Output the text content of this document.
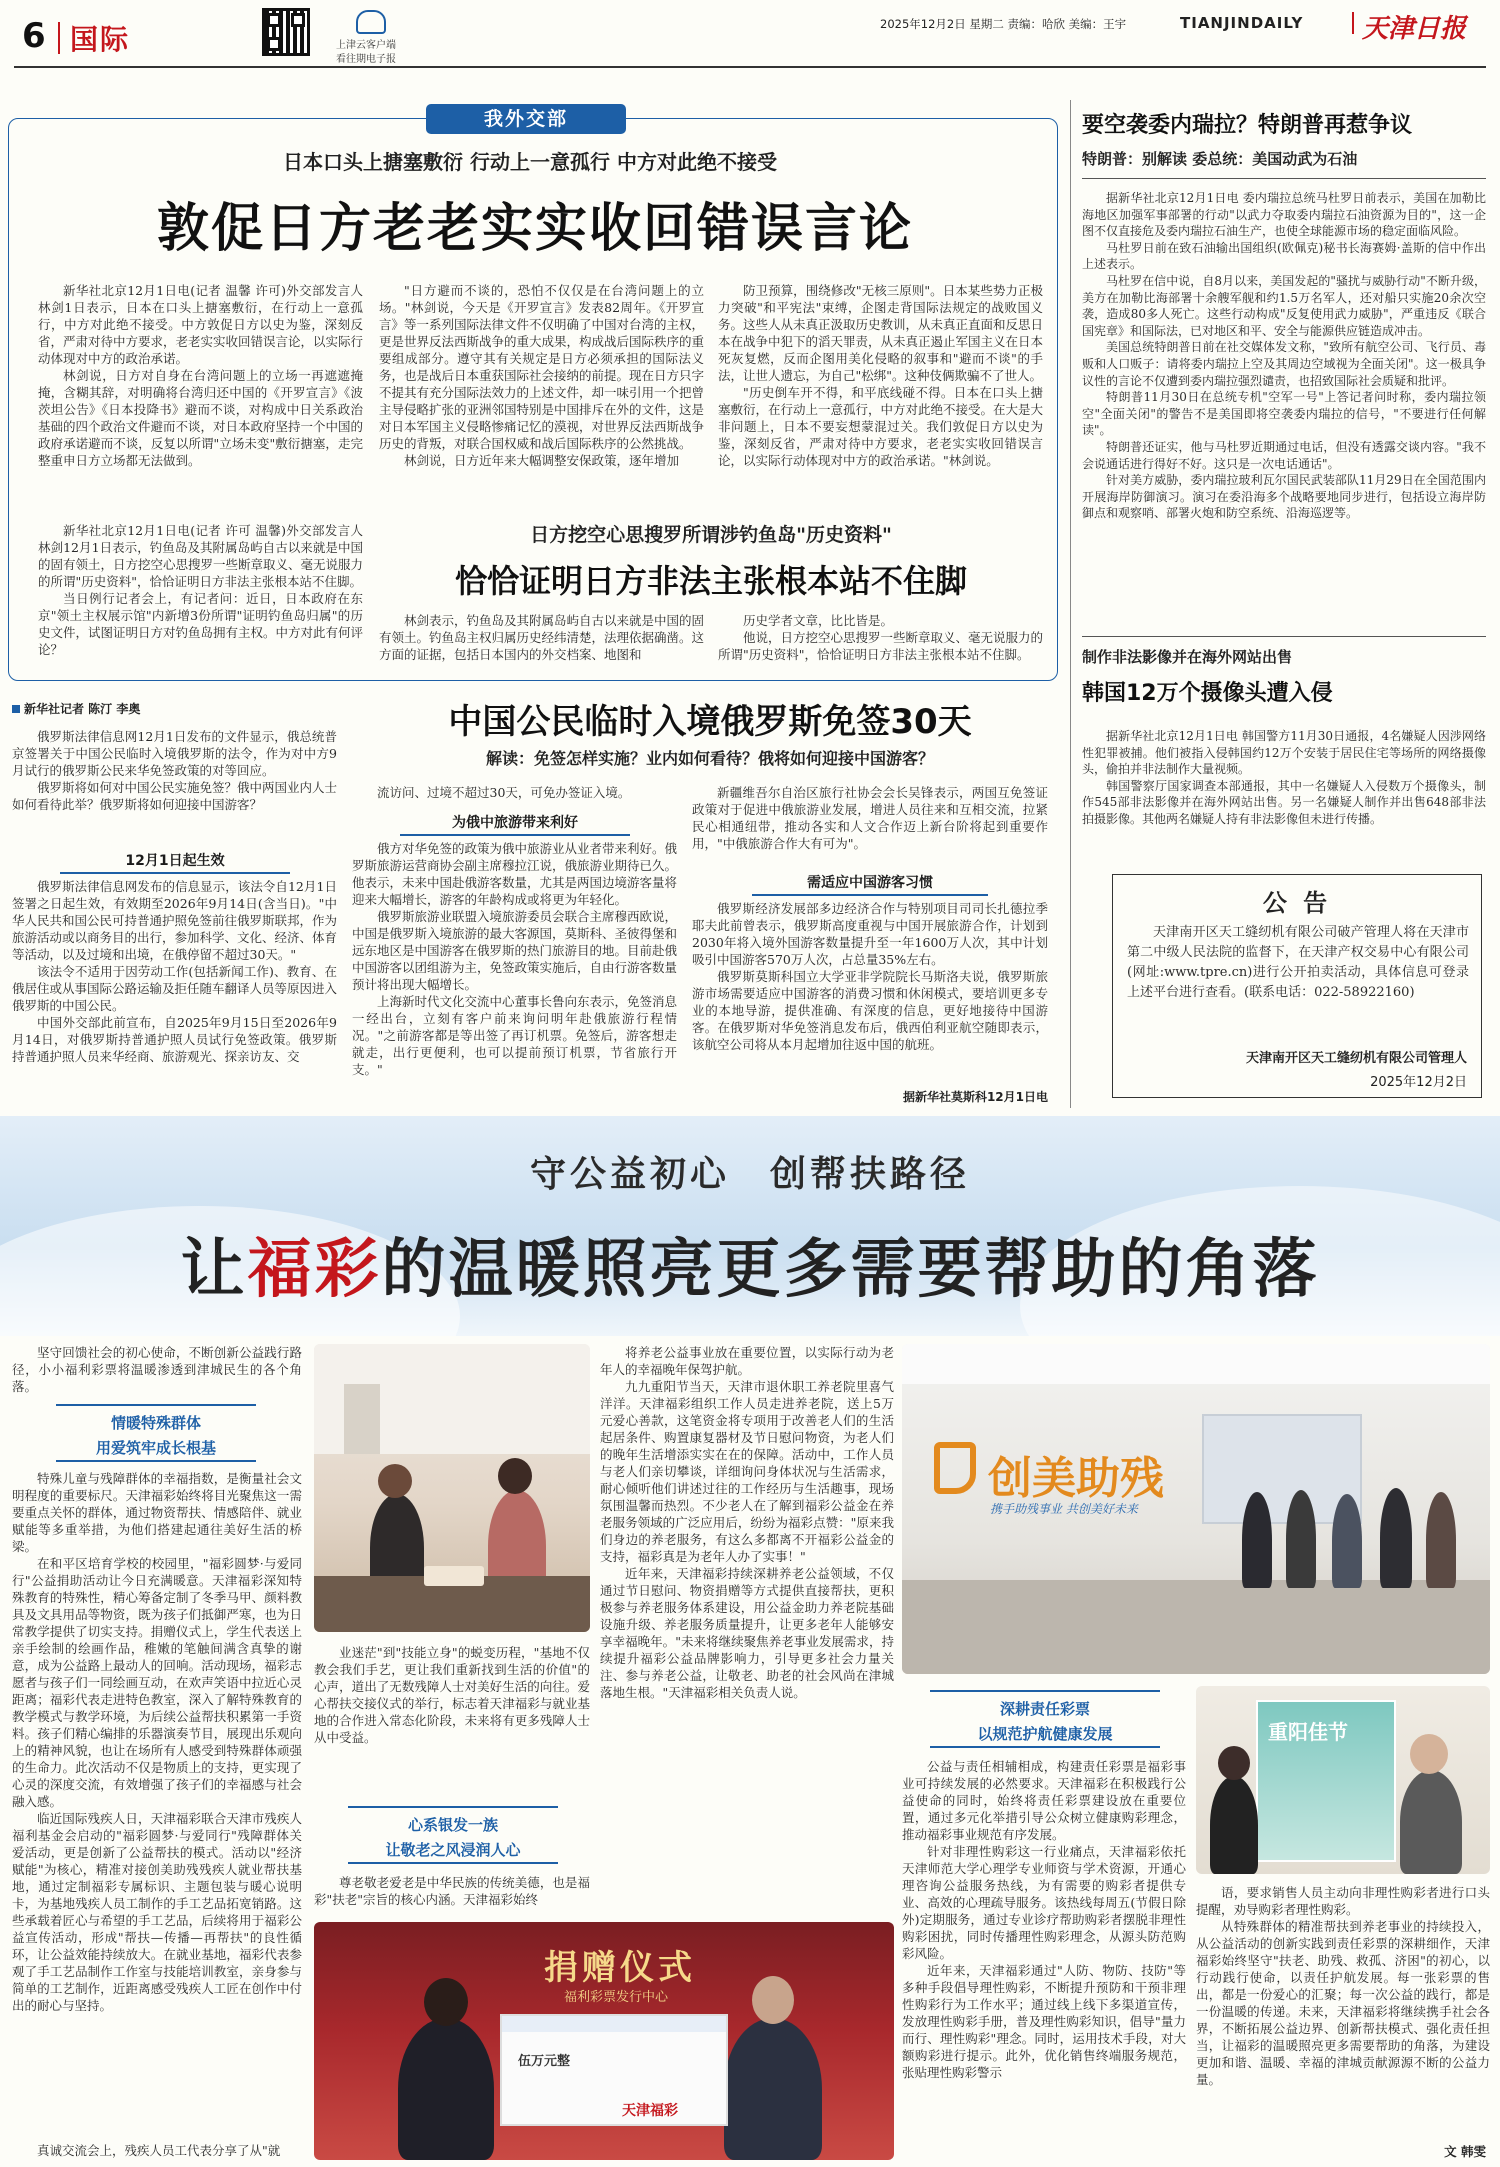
6 国际	上津云客户端
看往期电子报
2025年12月2日 星期二 责编：哈欣 美编：王宇	TIANJINDAILY 天津日报
我外交部
日本口头上搪塞敷衍 行动上一意孤行 中方对此绝不接受
敦促日方老老实实收回错误言论

新华社北京12月1日电(记者 温馨 许可)外交部发言人林剑1日表示，日本在口头上搪塞敷衍，在行动上一意孤行，中方对此绝不接受。中方敦促日方以史为鉴，深刻反省，严肃对待中方要求，老老实实收回错误言论，以实际行动体现对中方的政治承诺。

林剑说，日方对自身在台湾问题上的立场一再遮遮掩掩，含糊其辞，对明确将台湾归还中国的《开罗宣言》《波茨坦公告》《日本投降书》避而不谈，对构成中日关系政治基础的四个政治文件避而不谈，对日本政府坚持一个中国的政府承诺避而不谈，反复以所谓"立场未变"敷衍搪塞，走完整重申日方立场都无法做到。

"日方避而不谈的，恐怕不仅仅是在台湾问题上的立场。"林剑说，今天是《开罗宣言》发表82周年。《开罗宣言》等一系列国际法律文件不仅明确了中国对台湾的主权，更是世界反法西斯战争的重大成果，构成战后国际秩序的重要组成部分。遵守其有关规定是日方必须承担的国际法义务，也是战后日本重获国际社会接纳的前提。现在日方只字不提其有充分国际法效力的上述文件，却一味引用一个把曾主导侵略扩张的亚洲邻国特别是中国排斥在外的文件，这是对日本军国主义侵略惨痛记忆的漠视，对世界反法西斯战争历史的背叛，对联合国权威和战后国际秩序的公然挑战。

林剑说，日方近年来大幅调整安保政策，逐年增加

防卫预算，围绕修改"无核三原则"。日本某些势力正极力突破"和平宪法"束缚，企图走背国际法规定的战败国义务。这些人从未真正汲取历史教训，从未真正直面和反思日本在战争中犯下的滔天罪责，从未真正遏止军国主义在日本死灰复燃，反而企图用美化侵略的叙事和"避而不谈"的手法，让世人遗忘，为自己"松绑"。这种伎俩欺骗不了世人。

"历史倒车开不得，和平底线碰不得。日本在口头上搪塞敷衍，在行动上一意孤行，中方对此绝不接受。在大是大非问题上，日本不要妄想蒙混过关。我们敦促日方以史为鉴，深刻反省，严肃对待中方要求，老老实实收回错误言论，以实际行动体现对中方的政治承诺。"林剑说。

新华社北京12月1日电(记者 许可 温馨)外交部发言人林剑12月1日表示，钓鱼岛及其附属岛屿自古以来就是中国的固有领土，日方挖空心思搜罗一些断章取义、毫无说服力的所谓"历史资料"，恰恰证明日方非法主张根本站不住脚。

当日例行记者会上，有记者问：近日，日本政府在东京"领土主权展示馆"内新增3份所谓"证明钓鱼岛归属"的历史文件，试图证明日方对钓鱼岛拥有主权。中方对此有何评论？

日方挖空心思搜罗所谓涉钓鱼岛"历史资料"
恰恰证明日方非法主张根本站不住脚

林剑表示，钓鱼岛及其附属岛屿自古以来就是中国的固有领土。钓鱼岛主权归属历史经纬清楚，法理依据确凿。这方面的证据，包括日本国内的外交档案、地图和

历史学者文章，比比皆是。

他说，日方挖空心思搜罗一些断章取义、毫无说服力的所谓"历史资料"，恰恰证明日方非法主张根本站不住脚。

要空袭委内瑞拉？特朗普再惹争议
特朗普：别解读 委总统：美国动武为石油

据新华社北京12月1日电 委内瑞拉总统马杜罗日前表示，美国在加勒比海地区加强军事部署的行动"以武力夺取委内瑞拉石油资源为目的"，这一企图不仅直接危及委内瑞拉石油生产，也使全球能源市场的稳定面临风险。

马杜罗日前在致石油输出国组织(欧佩克)秘书长海赛姆·盖斯的信中作出上述表示。

马杜罗在信中说，自8月以来，美国发起的"骚扰与威胁行动"不断升级，美方在加勒比海部署十余艘军舰和约1.5万名军人，还对船只实施20余次空袭，造成80多人死亡。这些行动构成"反复使用武力威胁"，严重违反《联合国宪章》和国际法，已对地区和平、安全与能源供应链造成冲击。

美国总统特朗普日前在社交媒体发文称，"致所有航空公司、飞行员、毒贩和人口贩子：请将委内瑞拉上空及其周边空域视为全面关闭"。这一极具争议性的言论不仅遭到委内瑞拉强烈谴责，也招致国际社会质疑和批评。

特朗普11月30日在总统专机"空军一号"上答记者问时称，委内瑞拉领空"全面关闭"的警告不是美国即将空袭委内瑞拉的信号，"不要进行任何解读"。

特朗普还证实，他与马杜罗近期通过电话，但没有透露交谈内容。"我不会说通话进行得好不好。这只是一次电话通话"。

针对美方威胁，委内瑞拉玻利瓦尔国民武装部队11月29日在全国范围内开展海岸防御演习。演习在委沿海多个战略要地同步进行，包括设立海岸防御点和观察哨、部署火炮和防空系统、沿海巡逻等。

制作非法影像并在海外网站出售
韩国12万个摄像头遭入侵

据新华社北京12月1日电 韩国警方11月30日通报，4名嫌疑人因涉网络性犯罪被捕。他们被指入侵韩国约12万个安装于居民住宅等场所的网络摄像头，偷拍并非法制作大量视频。

韩国警察厅国家调查本部通报，其中一名嫌疑人入侵数万个摄像头，制作545部非法影像并在海外网站出售。另一名嫌疑人制作并出售648部非法拍摄影像。其他两名嫌疑人持有非法影像但未进行传播。

公 告

天津南开区天工缝纫机有限公司破产管理人将在天津市第二中级人民法院的监督下，在天津产权交易中心有限公司(网址:www.tpre.cn)进行公开拍卖活动，具体信息可登录上述平台进行查看。(联系电话：022-58922160)

天津南开区天工缝纫机有限公司管理人
2025年12月2日
新华社记者 陈汀 李奥	中国公民临时入境俄罗斯免签30天
解读：免签怎样实施？业内如何看待？俄将如何迎接中国游客？

俄罗斯法律信息网12月1日发布的文件显示，俄总统普京签署关于中国公民临时入境俄罗斯的法令，作为对中方9月试行的俄罗斯公民来华免签政策的对等回应。

俄罗斯将如何对中国公民实施免签？俄中两国业内人士如何看待此举？俄罗斯将如何迎接中国游客？

12月1日起生效

俄罗斯法律信息网发布的信息显示，该法令自12月1日签署之日起生效，有效期至2026年9月14日(含当日)。"中华人民共和国公民可持普通护照免签前往俄罗斯联邦，作为旅游活动或以商务目的出行，参加科学、文化、经济、体育等活动，以及过境和出境，在俄停留不超过30天。"

该法令不适用于因劳动工作(包括新闻工作)、教育、在俄居住或从事国际公路运输及拒任随车翻译人员等原因进入俄罗斯的中国公民。

中国外交部此前宣布，自2025年9月15日至2026年9月14日，对俄罗斯持普通护照人员试行免签政策。俄罗斯持普通护照人员来华经商、旅游观光、探亲访友、交

流访问、过境不超过30天，可免办签证入境。

为俄中旅游带来利好

俄方对华免签的政策为俄中旅游业从业者带来利好。俄罗斯旅游运营商协会副主席穆拉江说，俄旅游业期待已久。他表示，未来中国赴俄游客数量，尤其是两国边境游客量将迎来大幅增长，游客的年龄构成或将更为年轻化。

俄罗斯旅游业联盟入境旅游委员会联合主席穆西欧说，中国是俄罗斯入境旅游的最大客源国，莫斯科、圣彼得堡和远东地区是中国游客在俄罗斯的热门旅游目的地。目前赴俄中国游客以团组游为主，免签政策实施后，自由行游客数量预计将出现大幅增长。

上海新时代文化交流中心董事长鲁向东表示，免签消息一经出台，立刻有客户前来询问明年赴俄旅游行程情况。"之前游客都是等出签了再订机票。免签后，游客想走就走，出行更便利，也可以提前预订机票，节省旅行开支。"

新疆维吾尔自治区旅行社协会会长吴锋表示，两国互免签证政策对于促进中俄旅游业发展，增进人员往来和互相交流，拉紧民心相通纽带，推动各实和人文合作迈上新台阶将起到重要作用，"中俄旅游合作大有可为"。

需适应中国游客习惯

俄罗斯经济发展部多边经济合作与特别项目司司长扎德拉季耶夫此前曾表示，俄罗斯高度重视与中国开展旅游合作，计划到2030年将入境外国游客数量提升至一年1600万人次，其中计划吸引中国游客570万人次，占总量35%左右。

俄罗斯莫斯科国立大学亚非学院院长马斯洛夫说，俄罗斯旅游市场需要适应中国游客的消费习惯和休闲模式，要培训更多专业的本地导游，提供准确、有深度的信息，更好地接待中国游客。在俄罗斯对华免签消息发布后，俄西伯利亚航空随即表示，该航空公司将从本月起增加往返中国的航班。

据新华社莫斯科12月1日电
守公益初心　创帮扶路径
让福彩的温暖照亮更多需要帮助的角落

坚守回馈社会的初心使命，不断创新公益践行路径，小小福利彩票将温暖渗透到津城民生的各个角落。

情暖特殊群体
用爱筑牢成长根基

特殊儿童与残障群体的幸福指数，是衡量社会文明程度的重要标尺。天津福彩始终将目光聚焦这一需要重点关怀的群体，通过物资帮扶、情感陪伴、就业赋能等多重举措，为他们搭建起通往美好生活的桥梁。

在和平区培育学校的校园里，"福彩圆梦·与爱同行"公益捐助活动让今日充满暖意。天津福彩深知特殊教育的特殊性，精心筹备定制了冬季马甲、颜料教具及文具用品等物资，既为孩子们抵御严寒，也为日常教学提供了切实支持。捐赠仪式上，学生代表送上亲手绘制的绘画作品，稚嫩的笔触间满含真挚的谢意，成为公益路上最动人的回响。活动现场，福彩志愿者与孩子们一同绘画互动，在欢声笑语中拉近心灵距离；福彩代表走进特色教室，深入了解特殊教育的教学模式与教学环境，为后续公益帮扶积累第一手资料。孩子们精心编排的乐器演奏节目，展现出乐观向上的精神风貌，也让在场所有人感受到特殊群体顽强的生命力。此次活动不仅是物质上的支持，更实现了心灵的深度交流，有效增强了孩子们的幸福感与社会融入感。

临近国际残疾人日，天津福彩联合天津市残疾人福利基金会启动的"福彩圆梦·与爱同行"残障群体关爱活动，更是创新了公益帮扶的模式。活动以"经济赋能"为核心，精准对接创美助残残疾人就业帮扶基地，通过定制福彩专属标识、主题包装与暖心说明卡，为基地残疾人员工制作的手工艺品拓宽销路。这些承载着匠心与希望的手工艺品，后续将用于福彩公益宣传活动，形成"帮扶—传播—再帮扶"的良性循环，让公益效能持续放大。在就业基地，福彩代表参观了手工艺品制作工作室与技能培训教室，亲身参与简单的工艺制作，近距离感受残疾人工匠在创作中付出的耐心与坚持。

真诚交流会上，残疾人员工代表分享了从"就

业迷茫"到"技能立身"的蜕变历程，"基地不仅教会我们手艺，更让我们重新找到生活的价值"的心声，道出了无数残障人士对美好生活的向往。爱心帮扶交接仪式的举行，标志着天津福彩与就业基地的合作进入常态化阶段，未来将有更多残障人士从中受益。

心系银发一族
让敬老之风浸润人心

尊老敬老爱老是中华民族的传统美德，也是福彩"扶老"宗旨的核心内涵。天津福彩始终

将养老公益事业放在重要位置，以实际行动为老年人的幸福晚年保驾护航。

九九重阳节当天，天津市退休职工养老院里喜气洋洋。天津福彩组织工作人员走进养老院，送上5万元爱心善款，这笔资金将专项用于改善老人们的生活起居条件、购置康复器材及节日慰问物资，为老人们的晚年生活增添实实在在的保障。活动中，工作人员与老人们亲切攀谈，详细询问身体状况与生活需求，耐心倾听他们讲述过往的工作经历与生活趣事，现场氛围温馨而热烈。不少老人在了解到福彩公益金在养老服务领域的广泛应用后，纷纷为福彩点赞："原来我们身边的养老服务，有这么多都离不开福彩公益金的支持，福彩真是为老年人办了实事！"

近年来，天津福彩持续深耕养老公益领域，不仅通过节日慰问、物资捐赠等方式提供直接帮扶，更积极参与养老服务体系建设，用公益金助力养老院基础设施升级、养老服务质量提升，让更多老年人能够安享幸福晚年。"未来将继续聚焦养老事业发展需求，持续提升福彩公益品牌影响力，引导更多社会力量关注、参与养老公益，让敬老、助老的社会风尚在津城落地生根。"天津福彩相关负责人说。

捐赠仪式
福利彩票发行中心
伍万元整
天津福彩
创美助残
携手助残事业 共创美好未来
深耕责任彩票
以规范护航健康发展

公益与责任相辅相成，构建责任彩票是福彩事业可持续发展的必然要求。天津福彩在积极践行公益使命的同时，始终将责任彩票建设放在重要位置，通过多元化举措引导公众树立健康购彩理念，推动福彩事业规范有序发展。

针对非理性购彩这一行业痛点，天津福彩依托天津师范大学心理学专业师资与学术资源，开通心理咨询公益服务热线，为有需要的购彩者提供专业、高效的心理疏导服务。该热线每周五(节假日除外)定期服务，通过专业诊疗帮助购彩者摆脱非理性购彩困扰，同时传播理性购彩理念，从源头防范购彩风险。

近年来，天津福彩通过"人防、物防、技防"等多种手段倡导理性购彩，不断提升预防和干预非理性购彩行为工作水平；通过线上线下多渠道宣传，发放理性购彩手册，普及理性购彩知识，倡导"量力而行、理性购彩"理念。同时，运用技术手段，对大额购彩进行提示。此外，优化销售终端服务规范，张贴理性购彩警示

重阳佳节

语，要求销售人员主动向非理性购彩者进行口头提醒，劝导购彩者理性购彩。

从特殊群体的精准帮扶到养老事业的持续投入，从公益活动的创新实践到责任彩票的深耕细作，天津福彩始终坚守"扶老、助残、救孤、济困"的初心，以行动践行使命，以责任护航发展。每一张彩票的售出，都是一份爱心的汇聚；每一次公益的践行，都是一份温暖的传递。未来，天津福彩将继续携手社会各界，不断拓展公益边界、创新帮扶模式、强化责任担当，让福彩的温暖照亮更多需要帮助的角落，为建设更加和谐、温暖、幸福的津城贡献源源不断的公益力量。

文 韩雯
